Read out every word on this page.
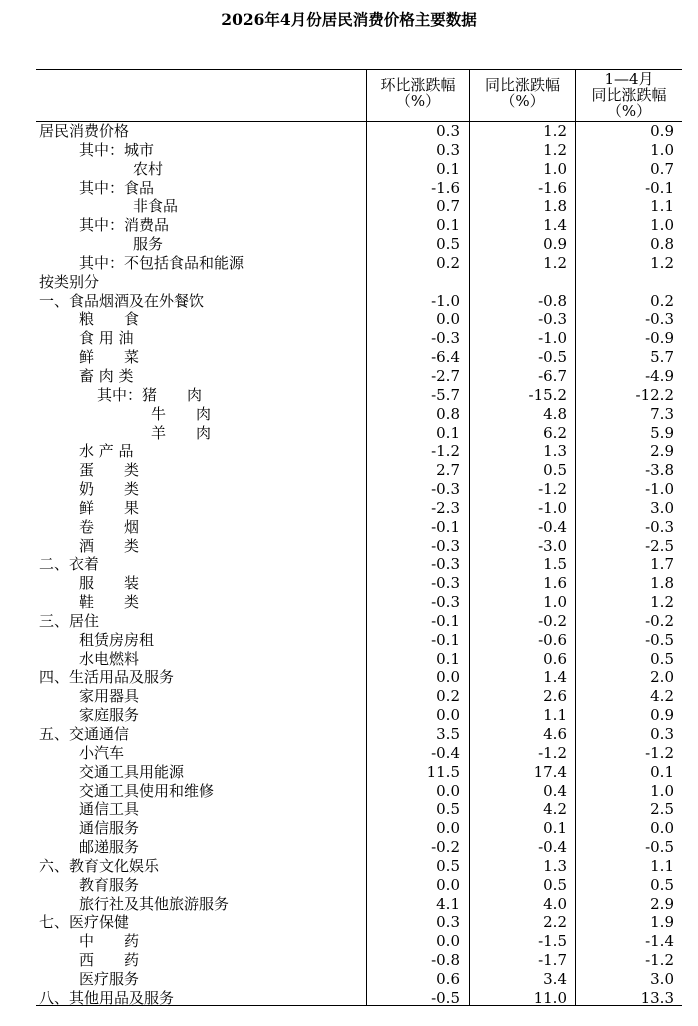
2026年4月份居民消费价格主要数据
环比涨跌幅
（%）
同比涨跌幅
（%）
1—4月
同比涨跌幅
（%）
居民消费价格	0.3	1.2	0.9
其中：城市	0.3	1.2	1.0
农村	0.1	1.0	0.7
其中：食品	-1.6	-1.6	-0.1
非食品	0.7	1.8	1.1
其中：消费品	0.1	1.4	1.0
服务	0.5	0.9	0.8
其中：不包括食品和能源	0.2	1.2	1.2
按类别分
一、食品烟酒及在外餐饮	-1.0	-0.8	0.2
粮　　食	0.0	-0.3	-0.3
食 用 油	-0.3	-1.0	-0.9
鲜　　菜	-6.4	-0.5	5.7
畜 肉 类	-2.7	-6.7	-4.9
其中：猪　　肉	-5.7	-15.2	-12.2
牛　　肉	0.8	4.8	7.3
羊　　肉	0.1	6.2	5.9
水 产 品	-1.2	1.3	2.9
蛋　　类	2.7	0.5	-3.8
奶　　类	-0.3	-1.2	-1.0
鲜　　果	-2.3	-1.0	3.0
卷　　烟	-0.1	-0.4	-0.3
酒　　类	-0.3	-3.0	-2.5
二、衣着	-0.3	1.5	1.7
服　　装	-0.3	1.6	1.8
鞋　　类	-0.3	1.0	1.2
三、居住	-0.1	-0.2	-0.2
租赁房房租	-0.1	-0.6	-0.5
水电燃料	0.1	0.6	0.5
四、生活用品及服务	0.0	1.4	2.0
家用器具	0.2	2.6	4.2
家庭服务	0.0	1.1	0.9
五、交通通信	3.5	4.6	0.3
小汽车	-0.4	-1.2	-1.2
交通工具用能源	11.5	17.4	0.1
交通工具使用和维修	0.0	0.4	1.0
通信工具	0.5	4.2	2.5
通信服务	0.0	0.1	0.0
邮递服务	-0.2	-0.4	-0.5
六、教育文化娱乐	0.5	1.3	1.1
教育服务	0.0	0.5	0.5
旅行社及其他旅游服务	4.1	4.0	2.9
七、医疗保健	0.3	2.2	1.9
中　　药	0.0	-1.5	-1.4
西　　药	-0.8	-1.7	-1.2
医疗服务	0.6	3.4	3.0
八、其他用品及服务	-0.5	11.0	13.3
